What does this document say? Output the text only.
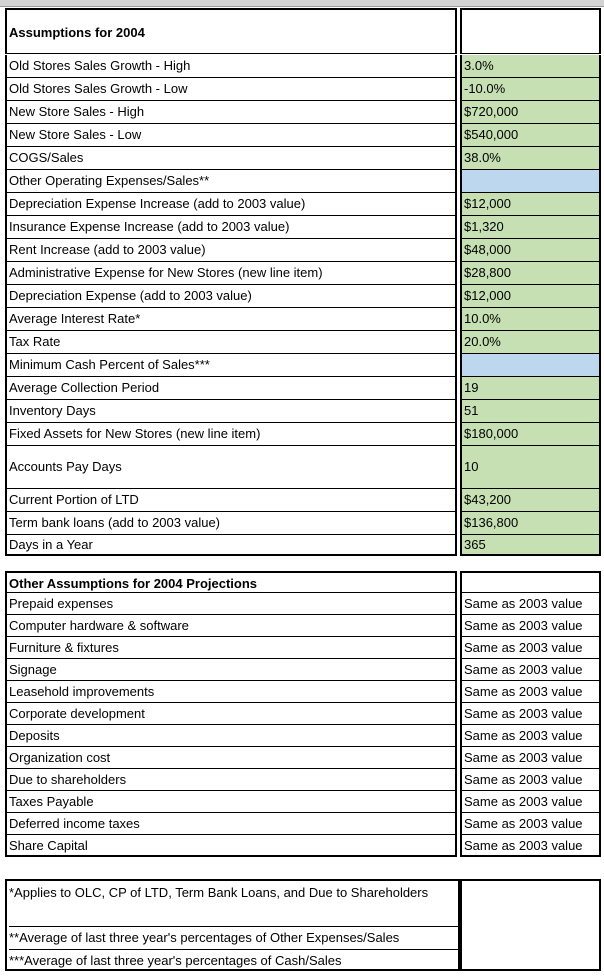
Assumptions for 2004
Old Stores Sales Growth - High	3.0%
Old Stores Sales Growth - Low	-10.0%
New Store Sales - High	$720,000
New Store Sales - Low	$540,000
COGS/Sales	38.0%
Other Operating Expenses/Sales**
Depreciation Expense Increase (add to 2003 value)	$12,000
Insurance Expense Increase (add to 2003 value)	$1,320
Rent Increase (add to 2003 value)	$48,000
Administrative Expense for New Stores (new line item)	$28,800
Depreciation Expense (add to 2003 value)	$12,000
Average Interest Rate*	10.0%
Tax Rate	20.0%
Minimum Cash Percent of Sales***
Average Collection Period	19
Inventory Days	51
Fixed Assets for New Stores (new line item)	$180,000
Accounts Pay Days	10
Current Portion of LTD	$43,200
Term bank loans (add to 2003 value)	$136,800
Days in a Year	365
Other Assumptions for 2004 Projections
Prepaid expenses	Same as 2003 value
Computer hardware & software	Same as 2003 value
Furniture & fixtures	Same as 2003 value
Signage	Same as 2003 value
Leasehold improvements	Same as 2003 value
Corporate development	Same as 2003 value
Deposits	Same as 2003 value
Organization cost	Same as 2003 value
Due to shareholders	Same as 2003 value
Taxes Payable	Same as 2003 value
Deferred income taxes	Same as 2003 value
Share Capital	Same as 2003 value
*Applies to OLC, CP of LTD, Term Bank Loans, and Due to Shareholders
**Average of last three year's percentages of Other Expenses/Sales
***Average of last three year's percentages of Cash/Sales
